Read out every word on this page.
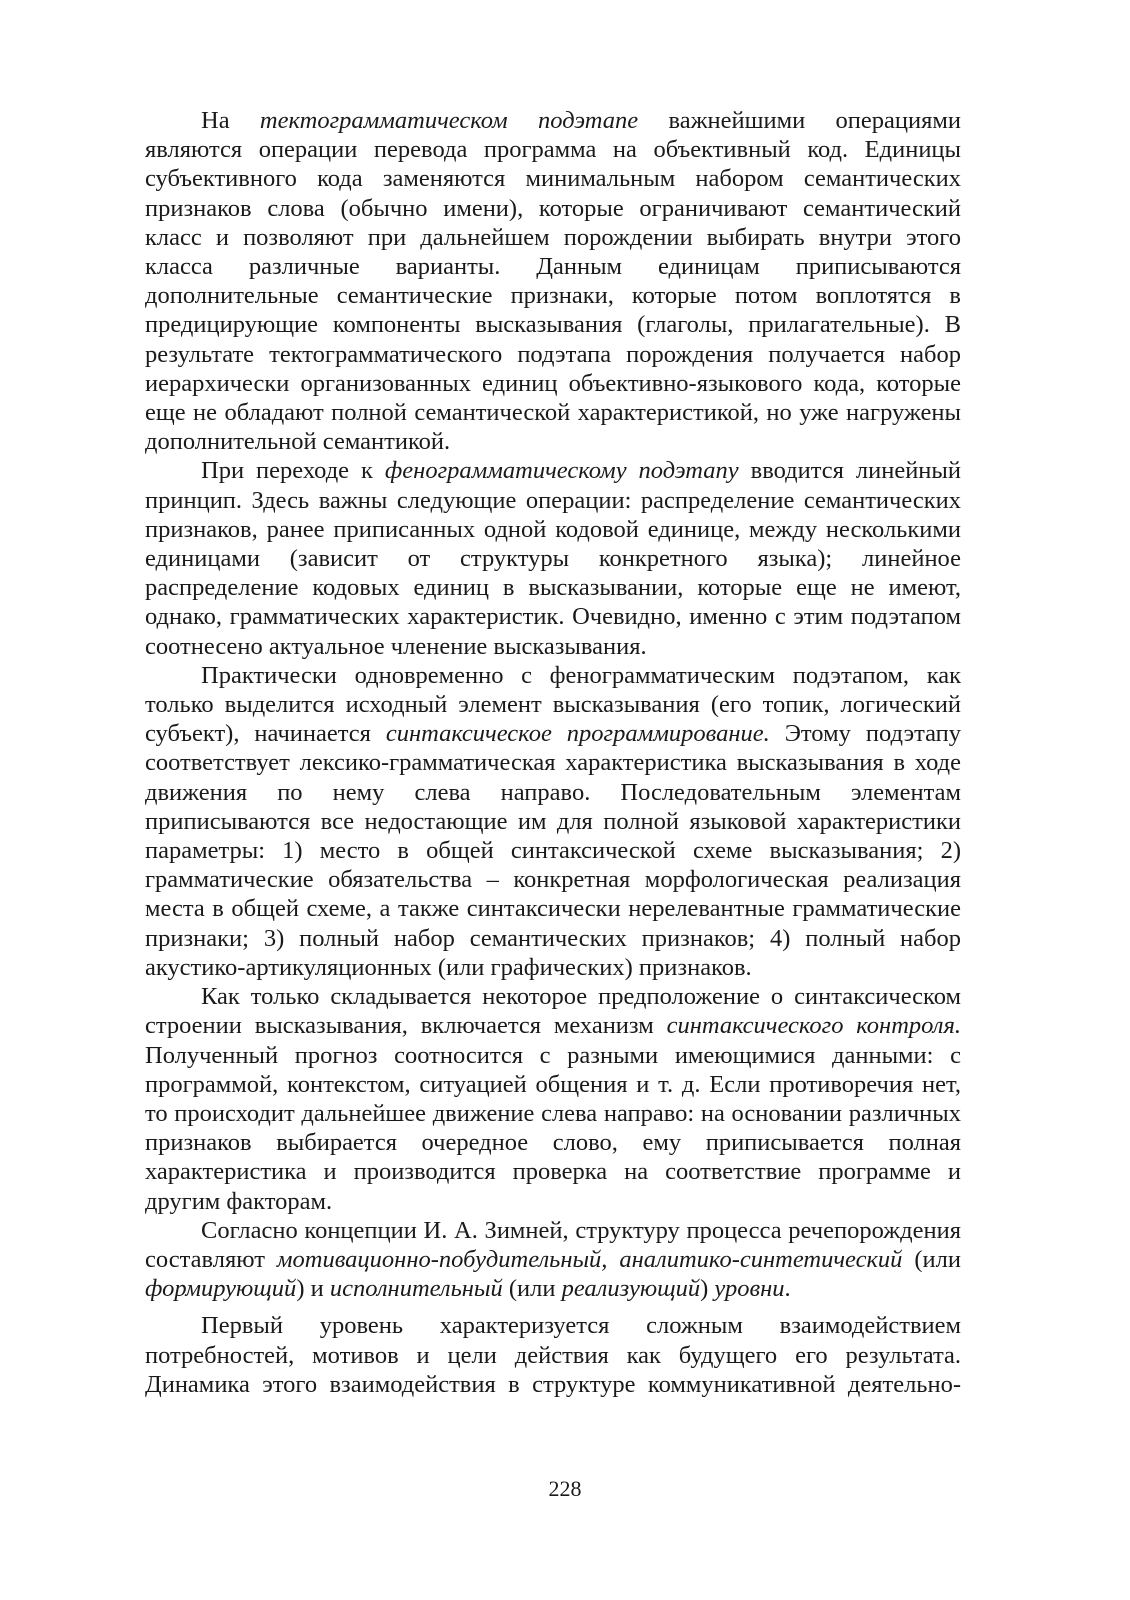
На тектограмматическом подэтапе важнейшими операциями являются операции перевода программа на объективный код. Единицы субъективного кода заменяются минимальным набором семантических признаков слова (обычно имени), которые ограничивают семантический класс и позволяют при дальнейшем порождении выбирать внутри этого класса различные варианты. Данным единицам приписываются дополнительные семантические признаки, которые потом воплотятся в предицирующие компоненты высказывания (глаголы, прилагательные). В результате тектограмматического подэтапа порождения получается набор иерархически организованных единиц объективно-языкового кода, которые еще не обладают полной семантической характеристикой, но уже нагружены дополнительной семантикой.

При переходе к фенограмматическому подэтапу вводится линейный принцип. Здесь важны следующие операции: распределение семантических признаков, ранее приписанных одной кодовой единице, между несколькими единицами (зависит от структуры конкретного языка); линейное распределение кодовых единиц в высказывании, которые еще не имеют, однако, грамматических характеристик. Очевидно, именно с этим подэтапом соотнесено актуальное членение высказывания.

Практически одновременно с фенограмматическим подэтапом, как только выделится исходный элемент высказывания (его топик, логический субъект), начинается синтаксическое программирование. Этому подэтапу соответствует лексико-грамматическая характеристика высказывания в ходе движения по нему слева направо. Последовательным элементам приписываются все недостающие им для полной языковой характеристики параметры: 1) место в общей синтаксической схеме высказывания; 2) грамматические обязательства – конкретная морфологическая реализация места в общей схеме, а также синтаксически нерелевантные грамматические признаки; 3) полный набор семантических признаков; 4) полный набор акустико-артикуляционных (или графических) признаков.

Как только складывается некоторое предположение о синтаксическом строении высказывания, включается механизм синтаксического контроля. Полученный прогноз соотносится с разными имеющимися данными: с программой, контекстом, ситуацией общения и т. д. Если противоречия нет, то происходит дальнейшее движение слева направо: на основании различных признаков выбирается очередное слово, ему приписывается полная характеристика и производится проверка на соответствие программе и другим факторам.

Согласно концепции И. А. Зимней, структуру процесса речепорождения составляют мотивационно-побудительный, аналитико-синтетический (или формирующий) и исполнительный (или реализующий) уровни.

Первый уровень характеризуется сложным взаимодействием потребностей, мотивов и цели действия как будущего его результата. Динамика этого взаимодействия в структуре коммуникативной деятельно-

228
